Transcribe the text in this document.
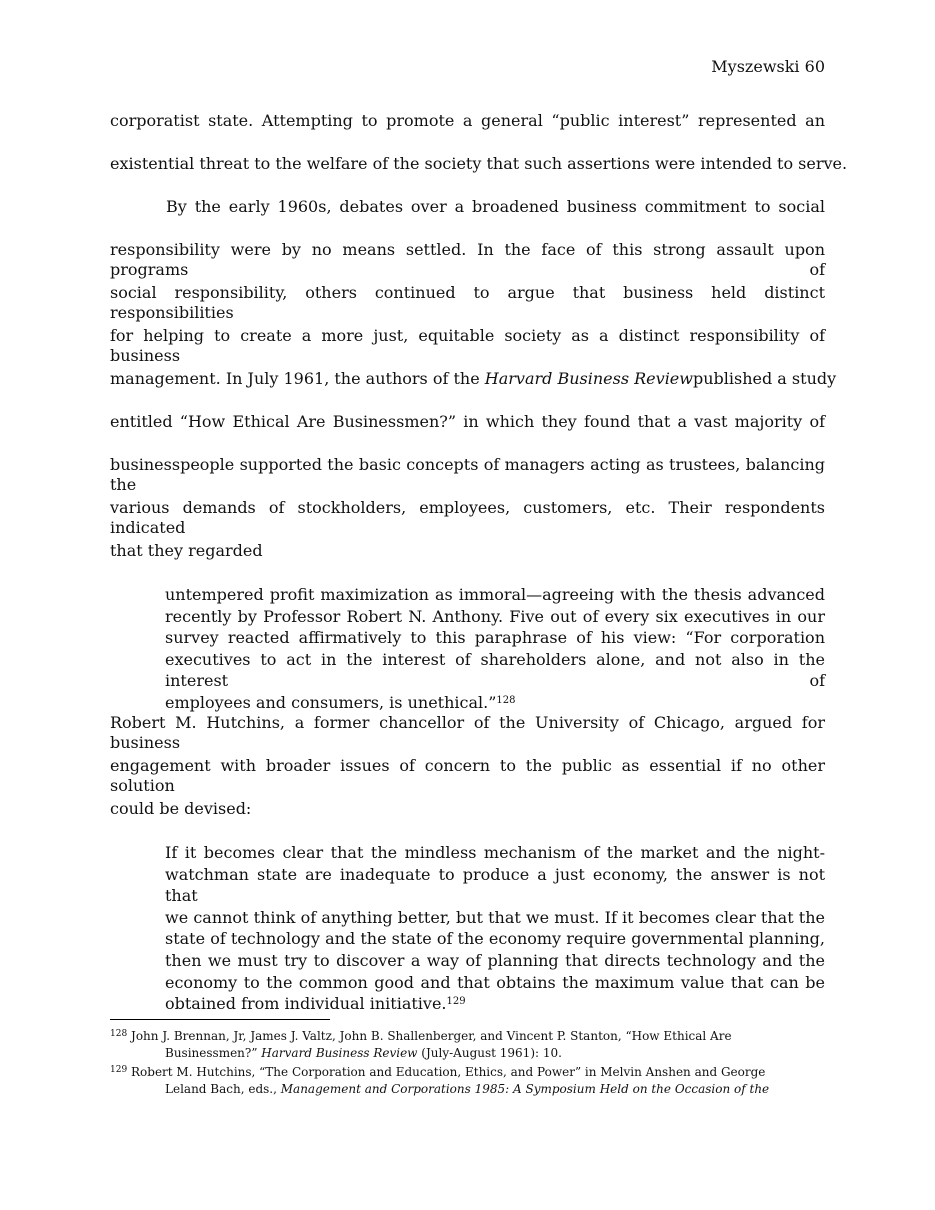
Myszewski 60
corporatist state. Attempting to promote a general “public interest” represented an
existential threat to the welfare of the society that such assertions were intended to serve.
By the early 1960s, debates over a broadened business commitment to social
responsibility were by no means settled. In the face of this strong assault upon programs of
social responsibility, others continued to argue that business held distinct responsibilities
for helping to create a more just, equitable society as a distinct responsibility of business
management. In July 1961, the authors of the Harvard Business Review published a study
entitled “How Ethical Are Businessmen?” in which they found that a vast majority of
businesspeople supported the basic concepts of managers acting as trustees, balancing the
various demands of stockholders, employees, customers, etc. Their respondents indicated
that they regarded
untempered profit maximization as immoral—agreeing with the thesis advanced
recently by Professor Robert N. Anthony. Five out of every six executives in our
survey reacted affirmatively to this paraphrase of his view: “For corporation
executives to act in the interest of shareholders alone, and not also in the interest of
employees and consumers, is unethical.”$^{128}$
Robert M. Hutchins, a former chancellor of the University of Chicago, argued for business
engagement with broader issues of concern to the public as essential if no other solution
could be devised:
If it becomes clear that the mindless mechanism of the market and the night-
watchman state are inadequate to produce a just economy, the answer is not that
we cannot think of anything better, but that we must. If it becomes clear that the
state of technology and the state of the economy require governmental planning,
then we must try to discover a way of planning that directs technology and the
economy to the common good and that obtains the maximum value that can be
obtained from individual initiative.$^{129}$
$^{128}$ John J. Brennan, Jr, James J. Valtz, John B. Shallenberger, and Vincent P. Stanton, “How Ethical Are
Businessmen?” Harvard Business Review (July-August 1961): 10.
$^{129}$ Robert M. Hutchins, “The Corporation and Education, Ethics, and Power” in Melvin Anshen and George
Leland Bach, eds., Management and Corporations 1985: A Symposium Held on the Occasion of the
